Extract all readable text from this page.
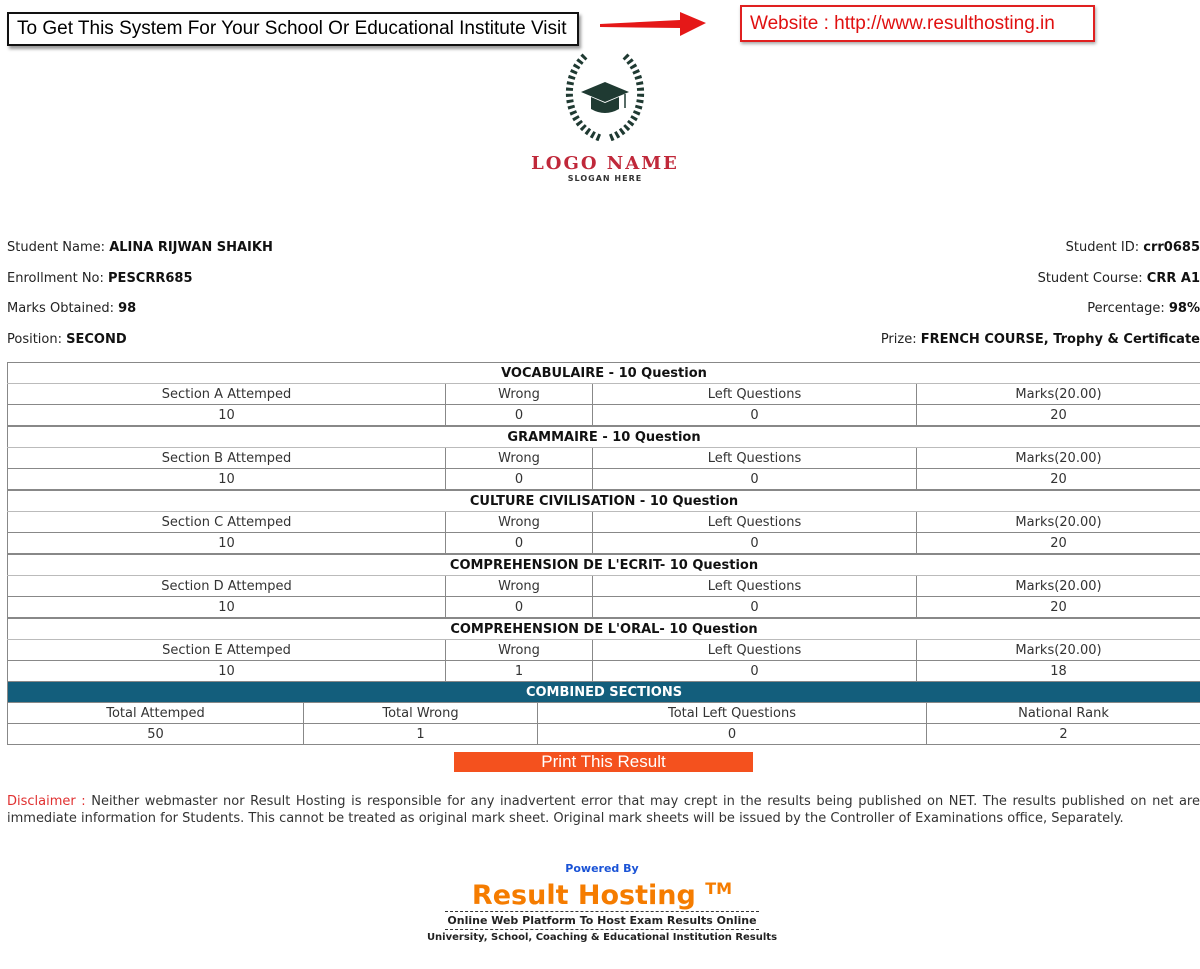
To Get This System For Your School Or Educational Institute Visit	Website : http://www.resulthosting.in
LOGO NAME
SLOGAN HERE
Student Name: ALINA RIJWAN SHAIKH	Student ID: crr0685
Enrollment No: PESCRR685	Student Course: CRR A1
Marks Obtained: 98	Percentage: 98%
Position: SECOND	Prize: FRENCH COURSE, Trophy & Certificate
VOCABULAIRE - 10 Question			
Section A Attemped	Wrong	Left Questions	Marks(20.00)
10	0	0	20
GRAMMAIRE - 10 Question			
Section B Attemped	Wrong	Left Questions	Marks(20.00)
10	0	0	20
CULTURE CIVILISATION - 10 Question			
Section C Attemped	Wrong	Left Questions	Marks(20.00)
10	0	0	20
COMPREHENSION DE L'ECRIT- 10 Question			
Section D Attemped	Wrong	Left Questions	Marks(20.00)
10	0	0	20
COMPREHENSION DE L'ORAL- 10 Question			
Section E Attemped	Wrong	Left Questions	Marks(20.00)
10	1	0	18
COMBINED SECTIONS			
Total Attemped	Total Wrong	Total Left Questions	National Rank
50	1	0	2
Print This Result
Disclaimer : Neither webmaster nor Result Hosting is responsible for any inadvertent error that may crept in the results being published on NET. The results published on net are immediate information for Students. This cannot be treated as original mark sheet. Original mark sheets will be issued by the Controller of Examinations office, Separately.
Powered By
Result Hosting ™
Online Web Platform To Host Exam Results Online
University, School, Coaching & Educational Institution Results
